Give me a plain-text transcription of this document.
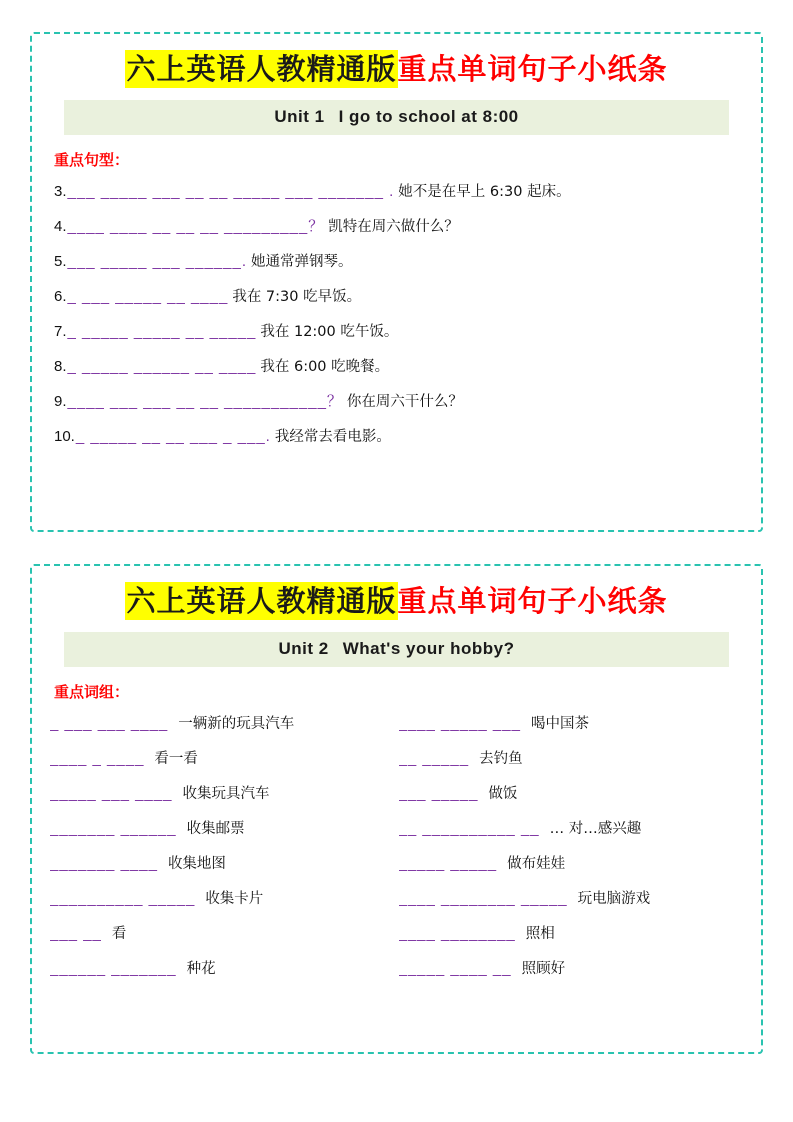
六上英语人教精通版重点单词句子小纸条
Unit 1 I go to school at 8:00
重点句型：
3. ___ _____ ___ __ __ _____ ___ _______ . 她不是在早上 6:30 起床。
4. ____ ____ __ __ __ _________？ 凯特在周六做什么？
5. ___ _____ ___ ______. 她通常弹钢琴。
6. _ ___ _____ __ ____ 我在 7:30 吃早饭。
7. _ _____ _____ __ _____ 我在 12:00 吃午饭。
8. _ _____ ______ __ ____ 我在 6:00 吃晚餐。
9. ____ ___ ___ __ __ ___________？ 你在周六干什么？
10. _ _____ __ __ ___ _ ___. 我经常去看电影。
六上英语人教精通版重点单词句子小纸条
Unit 2 What's your hobby?
重点词组：
_ ___ ___ ____ 一辆新的玩具汽车	____ _____ ___ 喝中国茶
____ _ ____ 看一看	__ _____ 去钓鱼
_____ ___ ____ 收集玩具汽车	___ _____ 做饭
_______ ______ 收集邮票	__ __________ __ … 对…感兴趣
_______ ____ 收集地图	_____ _____ 做布娃娃
__________ _____ 收集卡片	____ ________ _____ 玩电脑游戏
___ __ 看	____ ________ 照相
______ _______ 种花	_____ ____ __ 照顾好
